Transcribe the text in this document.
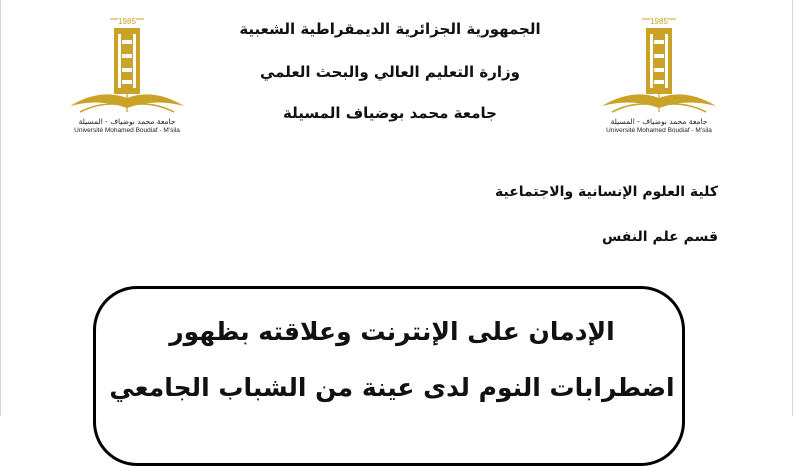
1985
جامعة محمد بوضياف - المسيلة
Université Mohamed Boudiaf - M'sila
1985
جامعة محمد بوضياف - المسيلة
Université Mohamed Boudiaf - M'sila
الجمهورية الجزائرية الديمقراطية الشعبية
وزارة التعليم العالي والبحث العلمي
جامعة محمد بوضياف المسيلة
كلية العلوم الإنسانية والاجتماعية
قسم علم النفس
الإدمان على الإنترنت وعلاقته بظهور
اضطرابات النوم لدى عينة من الشباب الجامعي
